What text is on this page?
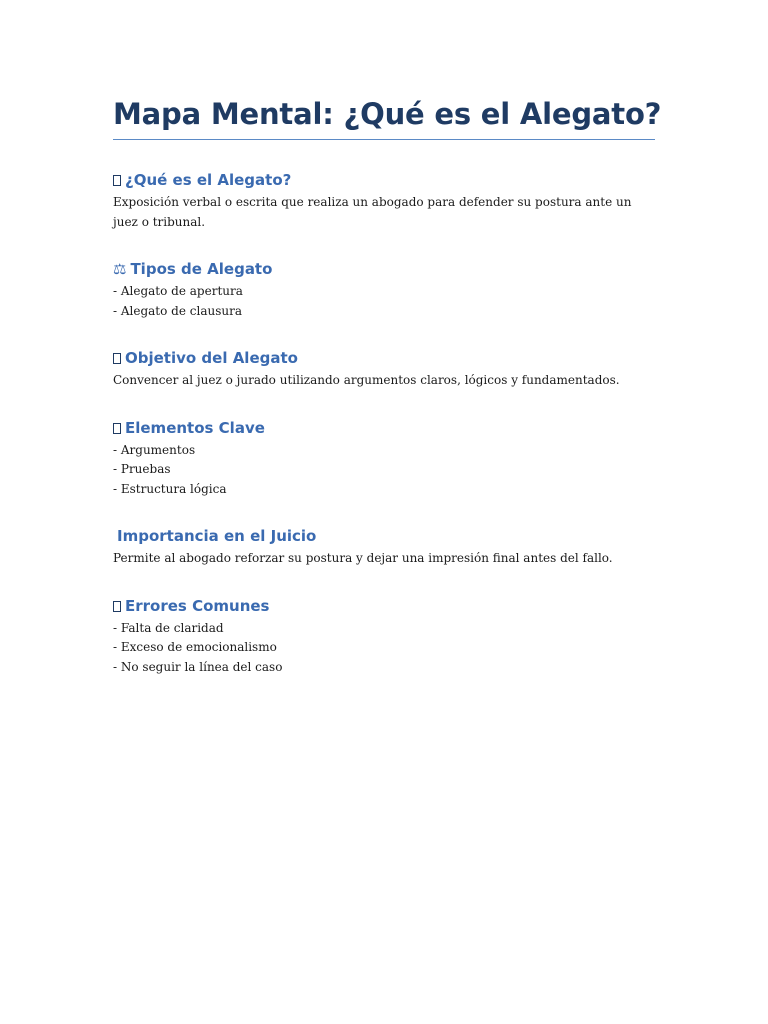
Mapa Mental: ¿Qué es el Alegato?
¿Qué es el Alegato?

Exposición verbal o escrita que realiza un abogado para defender su postura ante un juez o tribunal.

⚖ Tipos de Alegato
- Alegato de apertura
- Alegato de clausura
Objetivo del Alegato

Convencer al juez o jurado utilizando argumentos claros, lógicos y fundamentados.

Elementos Clave
- Argumentos
- Pruebas
- Estructura lógica
Importancia en el Juicio

Permite al abogado reforzar su postura y dejar una impresión final antes del fallo.

Errores Comunes
- Falta de claridad
- Exceso de emocionalismo
- No seguir la línea del caso
